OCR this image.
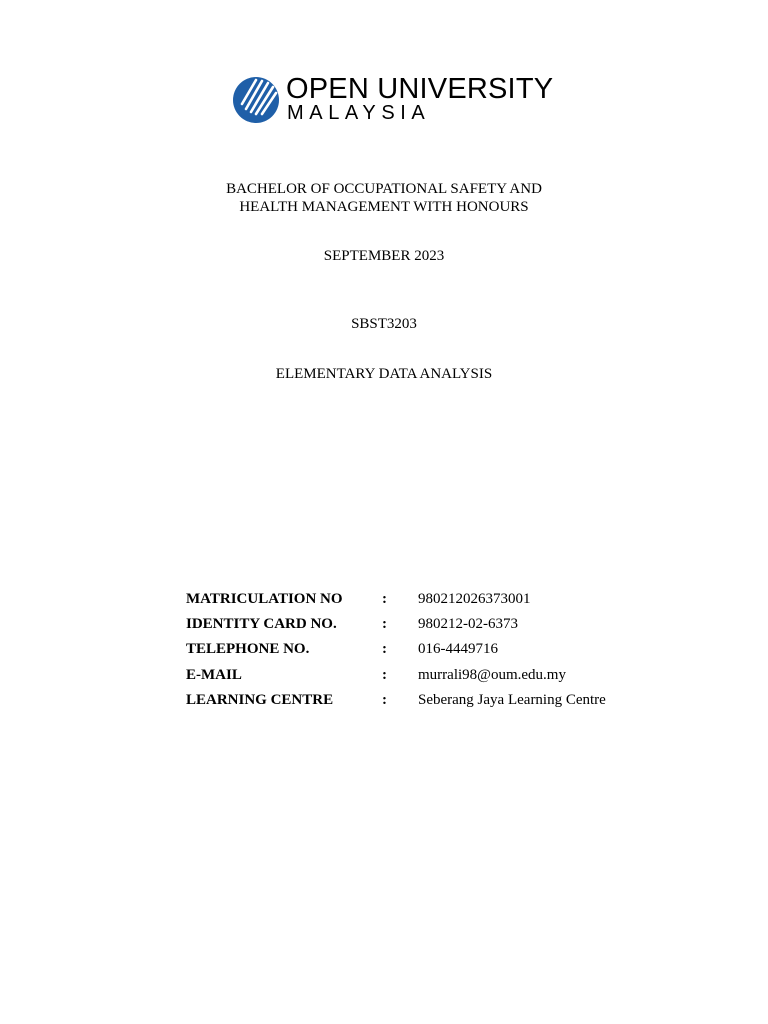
OPEN UNIVERSITY
MALAYSIA
BACHELOR OF OCCUPATIONAL SAFETY AND
HEALTH MANAGEMENT WITH HONOURS
SEPTEMBER 2023
SBST3203
ELEMENTARY DATA ANALYSIS
MATRICULATION NO	: 980212026373001
IDENTITY CARD NO.	: 980212-02-6373
TELEPHONE NO.	: 016-4449716
E-MAIL	: murrali98@oum.edu.my
LEARNING CENTRE	: Seberang Jaya Learning Centre
